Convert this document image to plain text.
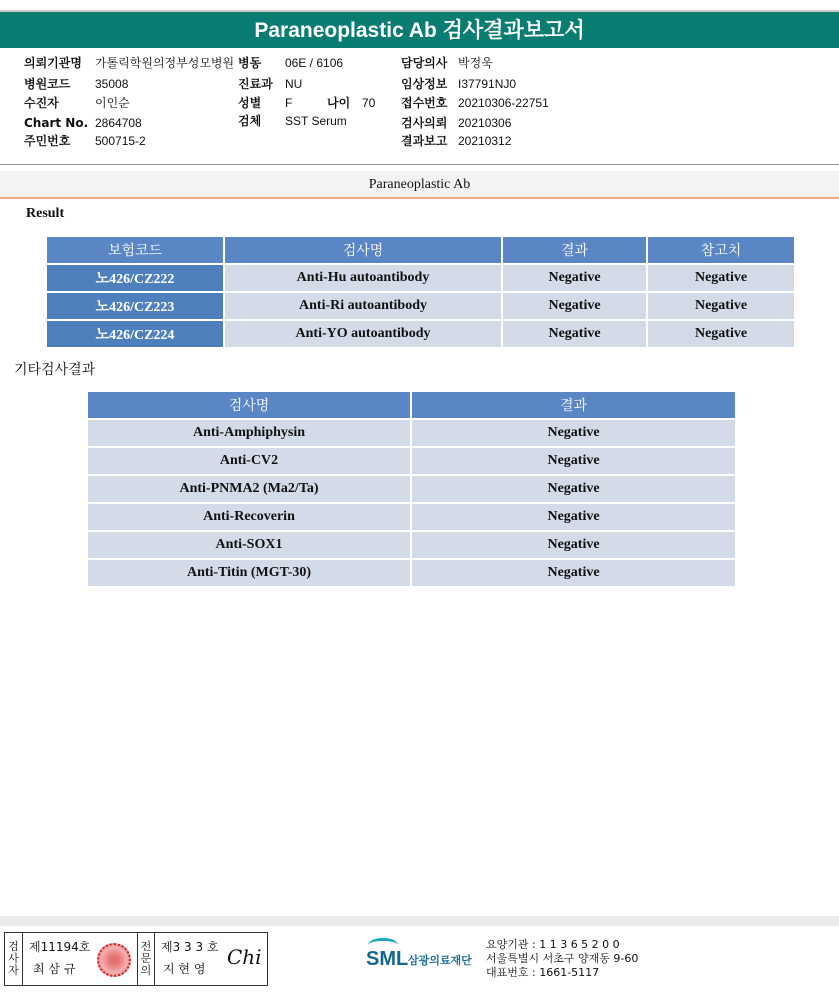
Paraneoplastic Ab 검사결과보고서
의뢰기관명 가톨릭학원의정부성모병원 병동 06E / 6106	담당의사 박정욱
병원코드 35008	진료과 NU	임상정보 I37791NJ0
수진자	이인순	성별 F	나이 70 접수번호 20210306-22751
Chart No. 2864708	검체 SST Serum	검사의뢰 20210306
주민번호 500715-2	결과보고 20210312
Paraneoplastic Ab
Result
보험코드	검사명	결과	참고치
노426/CZ222	Anti-Hu autoantibody	Negative	Negative
노426/CZ223	Anti-Ri autoantibody	Negative	Negative
노426/CZ224	Anti-YO autoantibody	Negative	Negative
기타검사결과
검사명	결과
Anti-Amphiphysin	Negative
Anti-CV2	Negative
Anti-PNMA2 (Ma2/Ta)	Negative
Anti-Recoverin	Negative
Anti-SOX1	Negative
Anti-Titin (MGT-30)	Negative
검
사
자
제11194호
최 삼 규
전
문
의
제3 3 3 호
지 현 영 Chi	SML 삼광의료재단
요양기관 : 1 1 3 6 5 2 0 0
서울특별시 서초구 양재동 9-60
대표번호 : 1661-5117
